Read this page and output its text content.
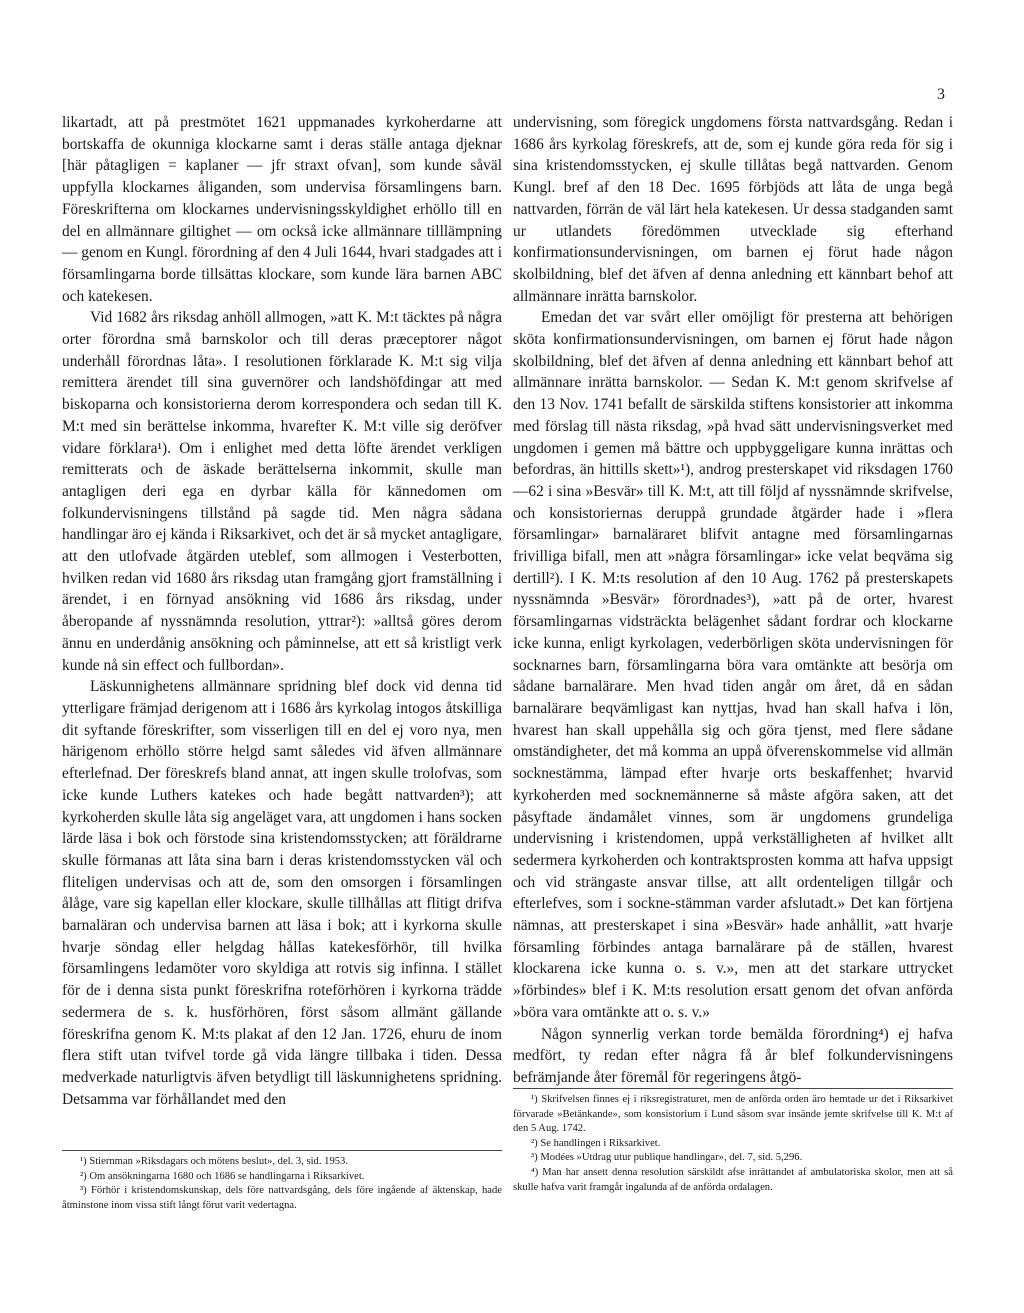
3

likartadt, att på prestmötet 1621 uppmanades kyrkoherdarne att bortskaffa de okunniga klockarne samt i deras ställe antaga djeknar [här påtagligen = kaplaner — jfr straxt ofvan], som kunde såväl uppfylla klockarnes åliganden, som undervisa församlingens barn. Föreskrifterna om klockarnes undervisningsskyldighet erhöllo till en del en allmännare giltighet — om också icke allmännare tilllämpning — genom en Kungl. förordning af den 4 Juli 1644, hvari stadgades att i församlingarna borde tillsättas klockare, som kunde lära barnen ABC och katekesen.

Vid 1682 års riksdag anhöll allmogen, »att K. M:t täcktes på några orter förordna små barnskolor och till deras præceptorer något underhåll förordnas låta». I resolutionen förklarade K. M:t sig vilja remittera ärendet till sina guvernörer och landshöfdingar att med biskoparna och konsistorierna derom korrespondera och sedan till K. M:t med sin berättelse inkomma, hvarefter K. M:t ville sig deröfver vidare förklara¹). Om i enlighet med detta löfte ärendet verkligen remitterats och de äskade berättelserna inkommit, skulle man antagligen deri ega en dyrbar källa för kännedomen om folkundervisningens tillstånd på sagde tid. Men några sådana handlingar äro ej kända i Riksarkivet, och det är så mycket antagligare, att den utlofvade åtgärden uteblef, som allmogen i Vesterbotten, hvilken redan vid 1680 års riksdag utan framgång gjort framställning i ärendet, i en förnyad ansökning vid 1686 års riksdag, under åberopande af nyssnämnda resolution, yttrar²): »alltså göres derom ännu en underdånig ansökning och påminnelse, att ett så kristligt verk kunde nå sin effect och fullbordan».

Läskunnighetens allmännare spridning blef dock vid denna tid ytterligare främjad derigenom att i 1686 års kyrkolag intogos åtskilliga dit syftande föreskrifter, som visserligen till en del ej voro nya, men härigenom erhöllo större helgd samt således vid äfven allmännare efterlefnad. Der föreskrefs bland annat, att ingen skulle trolofvas, som icke kunde Luthers katekes och hade begått nattvarden³); att kyrkoherden skulle låta sig angeläget vara, att ungdomen i hans socken lärde läsa i bok och förstode sina kristendomsstycken; att föräldrarne skulle förmanas att låta sina barn i deras kristendomsstycken väl och fliteligen undervisas och att de, som den omsorgen i församlingen ålåge, vare sig kapellan eller klockare, skulle tillhållas att flitigt drifva barnaläran och undervisa barnen att läsa i bok; att i kyrkorna skulle hvarje söndag eller helgdag hållas katekesförhör, till hvilka församlingens ledamöter voro skyldiga att rotvis sig infinna. I stället för de i denna sista punkt föreskrifna roteförhören i kyrkorna trädde sedermera de s. k. husförhören, först såsom allmänt gällande föreskrifna genom K. M:ts plakat af den 12 Jan. 1726, ehuru de inom flera stift utan tvifvel torde gå vida längre tillbaka i tiden. Dessa medverkade naturligtvis äfven betydligt till läskunnighetens spridning. Detsamma var förhållandet med den

¹) Stiernman »Riksdagars och mötens beslut», del. 3, sid. 1953.

²) Om ansökningarna 1680 och 1686 se handlingarna i Riksarkivet.

³) Förhör i kristendomskunskap, dels före nattvardsgång, dels före ingående af äktenskap, hade åtminstone inom vissa stift långt förut varit vedertagna.

undervisning, som föregick ungdomens första nattvardsgång. Redan i 1686 års kyrkolag föreskrefs, att de, som ej kunde göra reda för sig i sina kristendomsstycken, ej skulle tillåtas begå nattvarden. Genom Kungl. bref af den 18 Dec. 1695 förbjöds att låta de unga begå nattvarden, förrän de väl lärt hela katekesen. Ur dessa stadganden samt ur utlandets föredömmen utvecklade sig efterhand konfirmationsundervisningen, om barnen ej förut hade någon skolbildning, blef det äfven af denna anledning ett kännbart behof att allmännare inrätta barnskolor.

Emedan det var svårt eller omöjligt för presterna att behörigen sköta konfirmationsundervisningen, om barnen ej förut hade någon skolbildning, blef det äfven af denna anledning ett kännbart behof att allmännare inrätta barnskolor. — Sedan K. M:t genom skrifvelse af den 13 Nov. 1741 befallt de särskilda stiftens konsistorier att inkomma med förslag till nästa riksdag, »på hvad sätt undervisningsverket med ungdomen i gemen må bättre och uppbyggeligare kunna inrättas och befordras, än hittills skett»¹), androg presterskapet vid riksdagen 1760—62 i sina »Besvär» till K. M:t, att till följd af nyssnämnde skrifvelse, och konsistoriernas deruppå grundade åtgärder hade i »flera församlingar» barnaläraret blifvit antagne med församlingarnas frivilliga bifall, men att »några församlingar» icke velat beqväma sig dertill²). I K. M:ts resolution af den 10 Aug. 1762 på presterskapets nyssnämnda »Besvär» förordnades³), »att på de orter, hvarest församlingarnas vidsträckta belägenhet sådant fordrar och klockarne icke kunna, enligt kyrkolagen, vederbörligen sköta undervisningen för socknarnes barn, församlingarna böra vara omtänkte att besörja om sådane barnalärare. Men hvad tiden angår om året, då en sådan barnalärare beqvämligast kan nyttjas, hvad han skall hafva i lön, hvarest han skall uppehålla sig och göra tjenst, med flere sådane omständigheter, det må komma an uppå öfverenskommelse vid allmän socknestämma, lämpad efter hvarje orts beskaffenhet; hvarvid kyrkoherden med socknemännerne så måste afgöra saken, att det påsyftade ändamålet vinnes, som är ungdomens grundeliga undervisning i kristendomen, uppå verkställigheten af hvilket allt sedermera kyrkoherden och kontraktsprosten komma att hafva uppsigt och vid strängaste ansvar tillse, att allt ordenteligen tillgår och efterlefves, som i sockne-stämman varder afslutadt.» Det kan förtjena nämnas, att presterskapet i sina »Besvär» hade anhållit, »att hvarje församling förbindes antaga barnalärare på de ställen, hvarest klockarena icke kunna o. s. v.», men att det starkare uttrycket »förbindes» blef i K. M:ts resolution ersatt genom det ofvan anförda »böra vara omtänkte att o. s. v.»

Någon synnerlig verkan torde bemälda förordning⁴) ej hafva medfört, ty redan efter några få år blef folkundervisningens befrämjande åter föremål för regeringens åtgö-

¹) Skrifvelsen finnes ej i riksregistraturet, men de anförda orden äro hemtade ur det i Riksarkivet förvarade »Betänkande», som konsistorium i Lund såsom svar insände jemte skrifvelse till K. M:t af den 5 Aug. 1742.

²) Se handlingen i Riksarkivet.

³) Modées »Utdrag utur publique handlingar», del. 7, sid. 5,296.

⁴) Man har ansett denna resolution särskildt afse inrättandet af ambulatoriska skolor, men att så skulle hafva varit framgår ingalunda af de anförda ordalagen.
